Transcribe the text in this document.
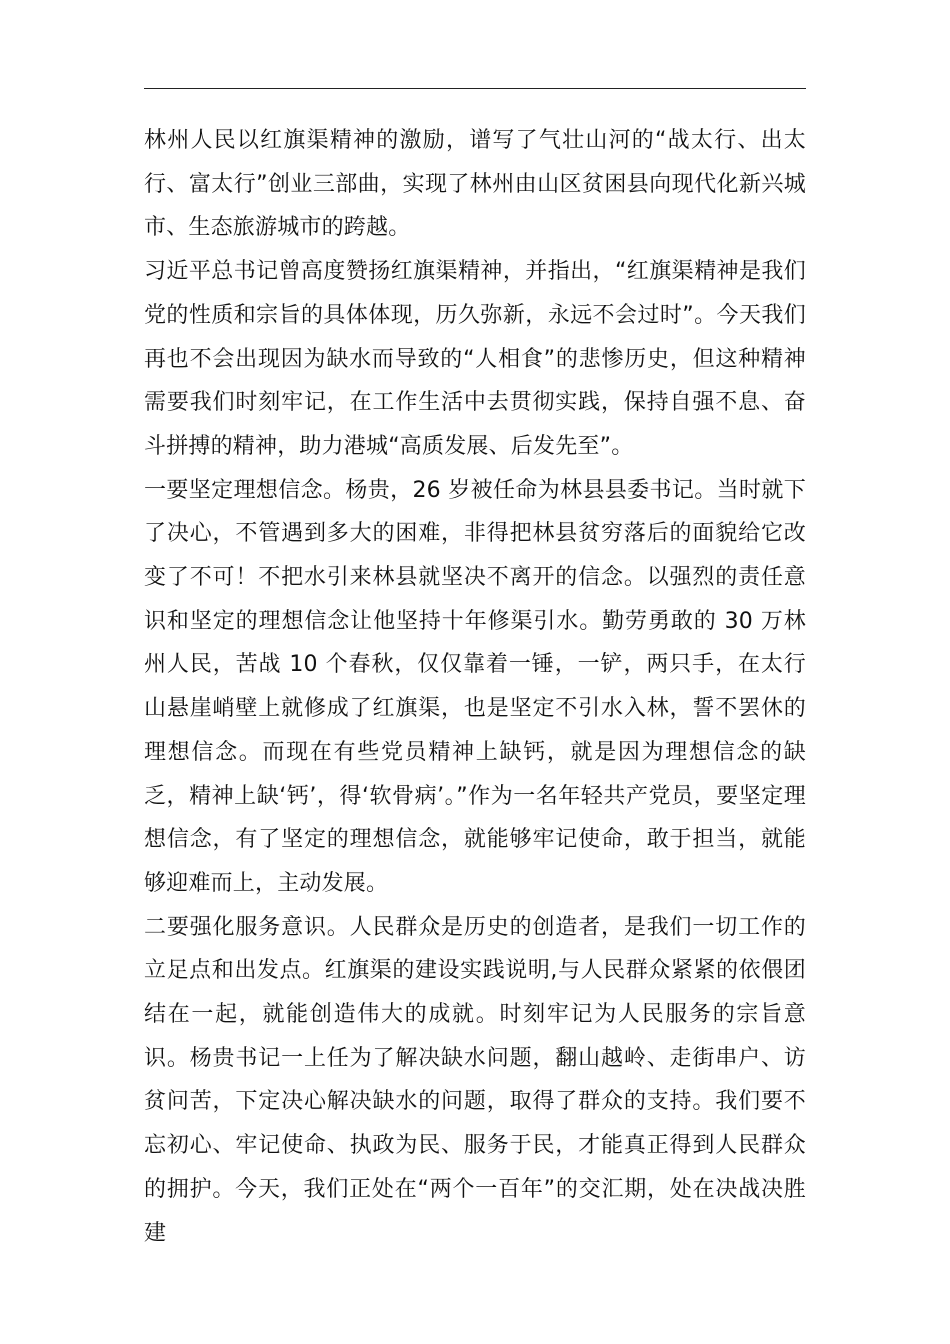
林州人民以红旗渠精神的激励，谱写了气壮山河的“战太行、出太行、富太行”创业三部曲，实现了林州由山区贫困县向现代化新兴城市、生态旅游城市的跨越。

习近平总书记曾高度赞扬红旗渠精神，并指出，“红旗渠精神是我们党的性质和宗旨的具体体现，历久弥新，永远不会过时”。今天我们再也不会出现因为缺水而导致的“人相食”的悲惨历史，但这种精神需要我们时刻牢记，在工作生活中去贯彻实践，保持自强不息、奋斗拼搏的精神，助力港城“高质发展、后发先至”。

一要坚定理想信念。杨贵，26 岁被任命为林县县委书记。当时就下了决心，不管遇到多大的困难，非得把林县贫穷落后的面貌给它改变了不可！不把水引来林县就坚决不离开的信念。以强烈的责任意识和坚定的理想信念让他坚持十年修渠引水。勤劳勇敢的 30 万林州人民，苦战 10 个春秋，仅仅靠着一锤，一铲，两只手，在太行山悬崖峭壁上就修成了红旗渠，也是坚定不引水入林，誓不罢休的理想信念。而现在有些党员精神上缺钙，就是因为理想信念的缺乏，精神上缺‘钙’，得‘软骨病’。”作为一名年轻共产党员，要坚定理想信念，有了坚定的理想信念，就能够牢记使命，敢于担当，就能够迎难而上，主动发展。

二要强化服务意识。人民群众是历史的创造者，是我们一切工作的立足点和出发点。红旗渠的建设实践说明,与人民群众紧紧的依偎团结在一起，就能创造伟大的成就。时刻牢记为人民服务的宗旨意识。杨贵书记一上任为了解决缺水问题，翻山越岭、走街串户、访贫问苦，下定决心解决缺水的问题，取得了群众的支持。我们要不忘初心、牢记使命、执政为民、服务于民，才能真正得到人民群众的拥护。今天，我们正处在“两个一百年”的交汇期，处在决战决胜建
